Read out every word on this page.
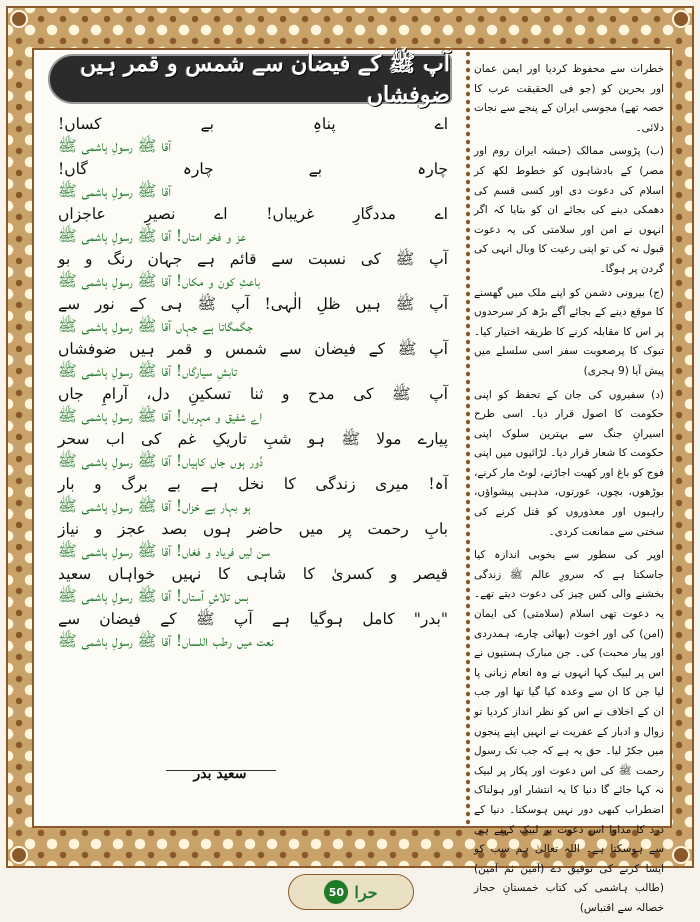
آپ ﷺ کے فیضان سے شمس و قمر ہیں ضوفشاں
اے پناہِ بے کساں!
آقا ﷺ رسولِ ہاشمی ﷺ
چارہ بے چارہ گاں!
آقا ﷺ رسولِ ہاشمی ﷺ
اے مددگارِ غریباں! اے نصیرِ عاجزاں
عز و فخر امتاں! آقا ﷺ رسولِ ہاشمی ﷺ
آپ ﷺ کی نسبت سے قائم ہے جہان رنگ و بو
باعثِ کون و مکاں! آقا ﷺ رسولِ ہاشمی ﷺ
آپ ﷺ ہیں ظلِ الٰہی! آپ ﷺ ہی کے نور سے
جگمگاتا ہے جہاں آقا ﷺ رسولِ ہاشمی ﷺ
آپ ﷺ کے فیضان سے شمس و قمر ہیں ضوفشاں
تابشِ سیارگاں! آقا ﷺ رسولِ ہاشمی ﷺ
آپ ﷺ کی مدح و ثنا تسکینِ دل، آرامِ جاں
اے شفیق و مہرباں! آقا ﷺ رسولِ ہاشمی ﷺ
پیارے مولا ﷺ ہو شبِ تاریکِ غم کی اب سحر
دُور ہوں جاں کاہیاں! آقا ﷺ رسولِ ہاشمی ﷺ
آہ! میری زندگی کا نخل ہے بے برگ و بار
ہو بہار بے خزاں! آقا ﷺ رسولِ ہاشمی ﷺ
بابِ رحمت پر میں حاضر ہوں بصد عجز و نیاز
سن لیں فریاد و فغاں! آقا ﷺ رسولِ ہاشمی ﷺ
قیصر و کسریٰ کا شاہی کا نہیں خواہاں سعید
بس تلاشِ آستاں! آقا ﷺ رسولِ ہاشمی ﷺ
"بدر" کامل ہوگیا ہے آپ ﷺ کے فیضان سے
نعت میں رطب اللساں! آقا ﷺ رسولِ ہاشمی ﷺ

خطرات سے محفوظ کردیا اور ایمن عمان اور بحرین کو (جو فی الحقیقت عرب کا حصہ تھے) مجوسی ایران کے پنجے سے نجات دلائی۔

(ب) پڑوسی ممالک (حبشہ ایران روم اور مصر) کے بادشاہوں کو خطوط لکھ کر اسلام کی دعوت دی اور کسی قسم کی دھمکی دینے کی بجائے ان کو بتایا کہ اگر انہوں نے امن اور سلامتی کی یہ دعوت قبول نہ کی تو اپنی رعیت کا وبال انہی کی گردن پر ہوگا۔

(ج) بیرونی دشمن کو اپنے ملک میں گھسنے کا موقع دینے کے بجائے آگے بڑھ کر سرحدوں پر اس کا مقابلہ کرنے کا طریقہ اختیار کیا۔ تبوک کا پرصعوبت سفر اسی سلسلے میں پیش آیا (9 ہجری)

(د) سفیروں کی جان کے تحفظ کو اپنی حکومت کا اصول قرار دیا۔ اسی طرح اسیرانِ جنگ سے بہترین سلوک اپنی حکومت کا شعار قرار دیا۔ لڑائیوں میں اپنی فوج کو باغ اور کھیت اجاڑنے، لوٹ مار کرنے، بوڑھوں، بچوں، عورتوں، مذہبی پیشواؤں، راہبوں اور معذوروں کو قتل کرنے کی سختی سے ممانعت کردی۔

اوپر کی سطور سے بخوبی اندازہ کیا جاسکتا ہے کہ سرورِ عالم ﷺ زندگی بخشنے والی کس چیز کی دعوت دیتے تھے۔ یہ دعوت تھی اسلام (سلامتی) کی ایمان (امن) کی اور اخوت (بھائی چارے، ہمدردی اور پیار محبت) کی۔ جن مبارک ہستیوں نے اس پر لبیک کہا انہوں نے وہ انعام زبانی پا لیا جن کا ان سے وعدہ کیا گیا تھا اور جب ان کے اخلاف نے اس کو نظر انداز کردیا تو زوال و ادبار کے عفریت نے انہیں اپنے پنجوں میں جکڑ لیا۔ حق یہ ہے کہ جب تک رسول رحمت ﷺ کی اس دعوت اور پکار پر لبیک نہ کہا جائے گا دنیا کا یہ انتشار اور ہولناک اضطراب کبھی دور نہیں ہوسکتا۔ دنیا کے درد کا مداوا اس دعوت پر لبیک کہنے ہی سے ہوسکتا ہے۔ اللہ تعالیٰ ہم سب کو ایسا کرنے کی توفیق دے (آمین ثم آمین) (طالب ہاشمی کی کتاب خمستانِ حجاز خصالہ سے اقتباس)

سعید بدر
50 حرا
